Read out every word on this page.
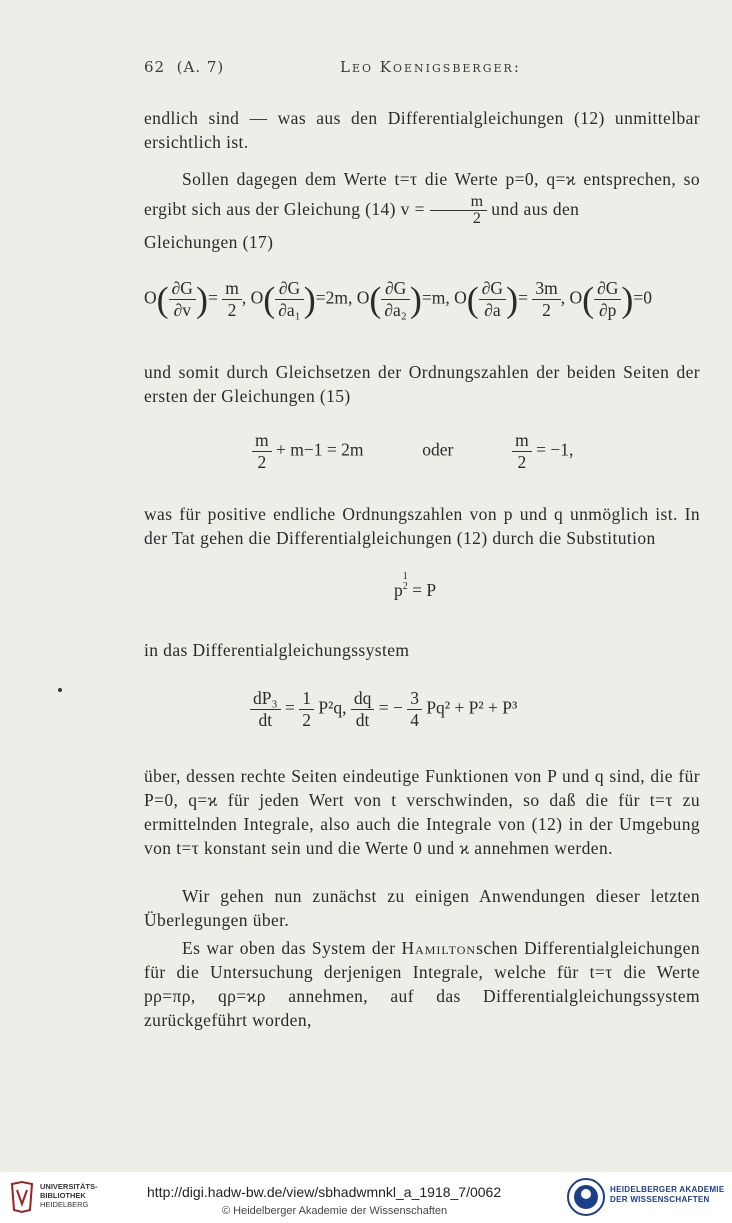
62 (A. 7)	Leo Koenigsberger:
endlich sind — was aus den Differentialgleichungen (12) unmittelbar ersichtlich ist.
Sollen dagegen dem Werte t=τ die Werte p=0, q=ϰ entsprechen, so ergibt sich aus der Gleichung (14) $v = \frac{m}{2}$ und aus den
Gleichungen (17)
$O( \frac{\partial G}{\partial v}$ )= $\frac{m}{2}$ , $O( \frac{\partial G}{\text{∂a₁}} )=2m$, $O( \frac{\partial G}{\text{∂a₂}} )=m$, $O( \frac{\partial G}{\partial a}$ )= $\frac{3m}{2}$ , $O( \frac{\partial G}{\partial p} )=0$
und somit durch Gleichsetzen der Ordnungszahlen der beiden Seiten der ersten der Gleichungen (15)
$\frac{m}{2} + m-1 = 2m$	oder	$\frac{m}{2} = -1$,
was für positive endliche Ordnungszahlen von p und q unmöglich ist. In der Tat gehen die Differentialgleichungen (12) durch die Substitution
p
$^{1 2}$ = P
in das Differentialgleichungssystem
$\frac{\text{dP₃}}{dt} = \frac{1}{2} P^2q$, $\frac{dq}{dt}$ = − $\frac{3}{4} Pq^2 + P^2 + P^3$
über, dessen rechte Seiten eindeutige Funktionen von P und q sind, die für P=0, q=ϰ für jeden Wert von t verschwinden, so daß die für t=τ zu ermittelnden Integrale, also auch die Integrale von (12) in der Umgebung von t=τ konstant sein und die Werte 0 und ϰ annehmen werden.
Wir gehen nun zunächst zu einigen Anwendungen dieser letzten Überlegungen über.
Es war oben das System der Hamiltonschen Differentialgleichungen für die Untersuchung derjenigen Integrale, welche für t=τ die Werte pρ=πρ, qρ=ϰρ annehmen, auf das Differentialgleichungssystem zurückgeführt worden,
UNIVERSITÄTS-
BIBLIOTHEK
HEIDELBERG
http://digi.hadw-bw.de/view/sbhadwmnkl_a_1918_7/0062
© Heidelberger Akademie der Wissenschaften
HEIDELBERGER AKADEMIE
DER WISSENSCHAFTEN
